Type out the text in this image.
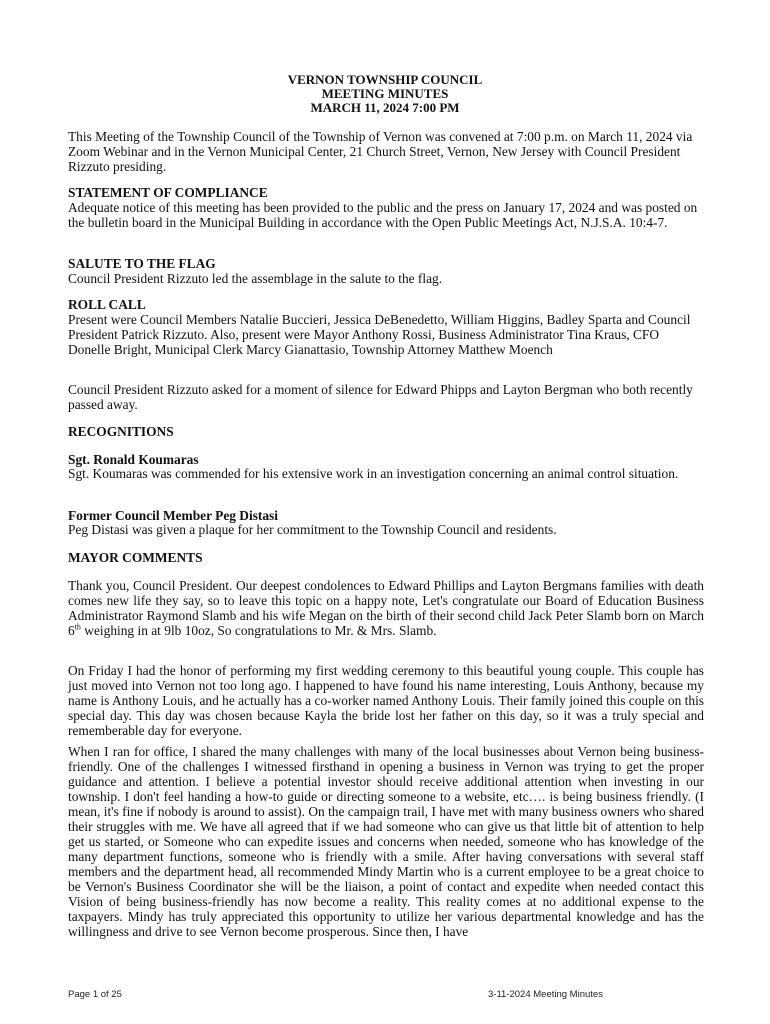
VERNON TOWNSHIP COUNCIL
MEETING MINUTES
MARCH 11, 2024 7:00 PM
This Meeting of the Township Council of the Township of Vernon was convened at 7:00 p.m. on March 11, 2024 via Zoom Webinar and in the Vernon Municipal Center, 21 Church Street, Vernon, New Jersey with Council President Rizzuto presiding.
STATEMENT OF COMPLIANCE
Adequate notice of this meeting has been provided to the public and the press on January 17, 2024 and was posted on the bulletin board in the Municipal Building in accordance with the Open Public Meetings Act, N.J.S.A. 10:4-7.
SALUTE TO THE FLAG
Council President Rizzuto led the assemblage in the salute to the flag.
ROLL CALL
Present were Council Members Natalie Buccieri, Jessica DeBenedetto, William Higgins, Badley Sparta and Council President Patrick Rizzuto. Also, present were Mayor Anthony Rossi, Business Administrator Tina Kraus, CFO Donelle Bright, Municipal Clerk Marcy Gianattasio, Township Attorney Matthew Moench
Council President Rizzuto asked for a moment of silence for Edward Phipps and Layton Bergman who both recently passed away.
RECOGNITIONS
Sgt. Ronald Koumaras
Sgt. Koumaras was commended for his extensive work in an investigation concerning an animal control situation.
Former Council Member Peg Distasi
Peg Distasi was given a plaque for her commitment to the Township Council and residents.
MAYOR COMMENTS
Thank you, Council President. Our deepest condolences to Edward Phillips and Layton Bergmans families with death comes new life they say, so to leave this topic on a happy note, Let's congratulate our Board of Education Business Administrator Raymond Slamb and his wife Megan on the birth of their second child Jack Peter Slamb born on March 6th weighing in at 9lb 10oz, So congratulations to Mr. & Mrs. Slamb.
On Friday I had the honor of performing my first wedding ceremony to this beautiful young couple. This couple has just moved into Vernon not too long ago. I happened to have found his name interesting, Louis Anthony, because my name is Anthony Louis, and he actually has a co-worker named Anthony Louis. Their family joined this couple on this special day. This day was chosen because Kayla the bride lost her father on this day, so it was a truly special and rememberable day for everyone.
When I ran for office, I shared the many challenges with many of the local businesses about Vernon being business-friendly. One of the challenges I witnessed firsthand in opening a business in Vernon was trying to get the proper guidance and attention. I believe a potential investor should receive additional attention when investing in our township. I don't feel handing a how-to guide or directing someone to a website, etc…. is being business friendly. (I mean, it's fine if nobody is around to assist). On the campaign trail, I have met with many business owners who shared their struggles with me. We have all agreed that if we had someone who can give us that little bit of attention to help get us started, or Someone who can expedite issues and concerns when needed, someone who has knowledge of the many department functions, someone who is friendly with a smile. After having conversations with several staff members and the department head, all recommended Mindy Martin who is a current employee to be a great choice to be Vernon's Business Coordinator she will be the liaison, a point of contact and expedite when needed contact this Vision of being business-friendly has now become a reality. This reality comes at no additional expense to the taxpayers. Mindy has truly appreciated this opportunity to utilize her various departmental knowledge and has the willingness and drive to see Vernon become prosperous. Since then, I have
Page 1 of 25	3-11-2024 Meeting Minutes
